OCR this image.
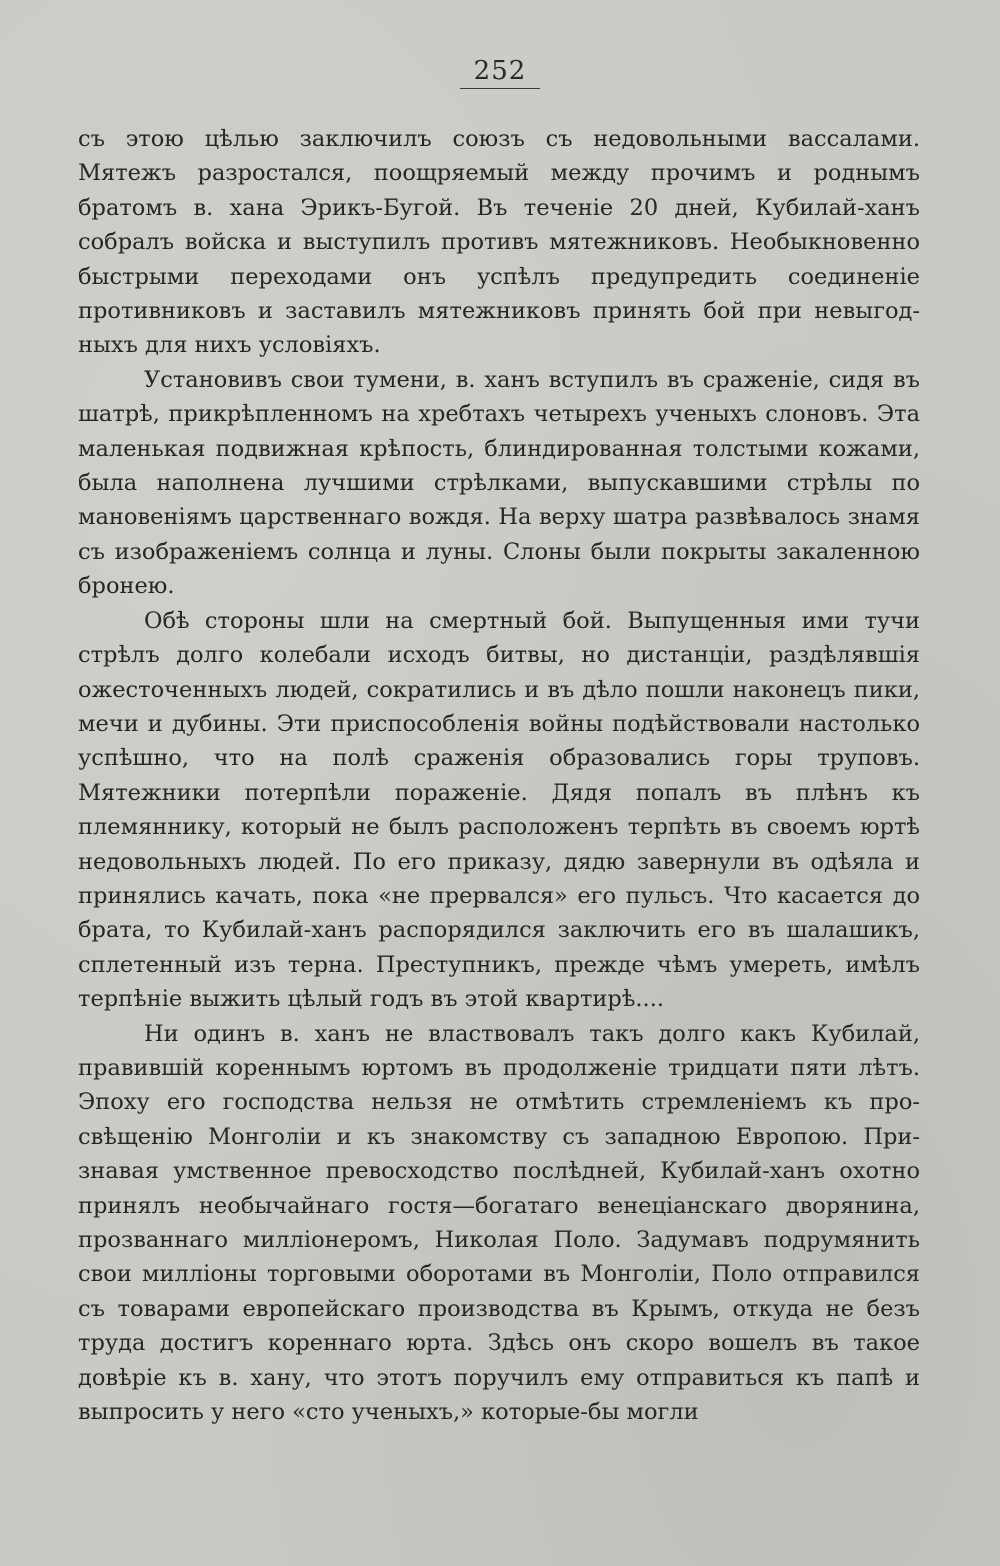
252

съ этою цѣлью заключилъ союзъ съ недовольными вассалами. Мятежъ разростался, поощряемый между прочимъ и роднымъ братомъ в. хана Эрикъ-Бугой. Въ теченіе 20 дней, Кубилай-ханъ собралъ войска и выступилъ противъ мятежниковъ. Необыкновенно быстрыми переходами онъ успѣлъ предупредить соединеніе противниковъ и заставилъ мятежниковъ принять бой при невыгодныхъ для нихъ условіяхъ.

Установивъ свои тумени, в. ханъ вступилъ въ сраженіе, сидя въ шатрѣ, прикрѣпленномъ на хребтахъ четырехъ ученыхъ слоновъ. Эта маленькая подвижная крѣпость, блиндированная толстыми кожами, была наполнена лучшими стрѣлками, выпускавшими стрѣлы по мановеніямъ царственнаго вождя. На верху шатра развѣвалось знамя съ изображеніемъ солнца и луны. Слоны были покрыты закаленною бронею.

Обѣ стороны шли на смертный бой. Выпущенныя ими тучи стрѣлъ долго колебали исходъ битвы, но дистанціи, раздѣлявшія ожесточенныхъ людей, сократились и въ дѣло пошли наконецъ пики, мечи и дубины. Эти приспособленія войны подѣйствовали настолько успѣшно, что на полѣ сраженія образовались горы труповъ. Мятежники потерпѣли пораженіе. Дядя попалъ въ плѣнъ къ племяннику, который не былъ расположенъ терпѣть въ своемъ юртѣ недовольныхъ людей. По его приказу, дядю завернули въ одѣяла и принялись качать, пока «не прервался» его пульсъ. Что касается до брата, то Кубилай-ханъ распорядился заключить его въ шалашикъ, сплетенный изъ терна. Преступникъ, прежде чѣмъ умереть, имѣлъ терпѣніе выжить цѣлый годъ въ этой квартирѣ....

Ни одинъ в. ханъ не властвовалъ такъ долго какъ Кубилай, правившій кореннымъ юртомъ въ продолженіе тридцати пяти лѣтъ. Эпоху его господства нельзя не отмѣтить стремленіемъ къ просвѣщенію Монголіи и къ знакомству съ западною Европою. Признавая умственное превосходство послѣдней, Кубилай-ханъ охотно принялъ необычайнаго гостя—богатаго венеціанскаго дворянина, прозваннаго милліонеромъ, Николая Поло. Задумавъ подрумянить свои милліоны торговыми оборотами въ Монголіи, Поло отправился съ товарами европейскаго производства въ Крымъ, откуда не безъ труда достигъ кореннаго юрта. Здѣсь онъ скоро вошелъ въ такое довѣріе къ в. хану, что этотъ поручилъ ему отправиться къ папѣ и выпросить у него «сто ученыхъ,» которые-бы могли
